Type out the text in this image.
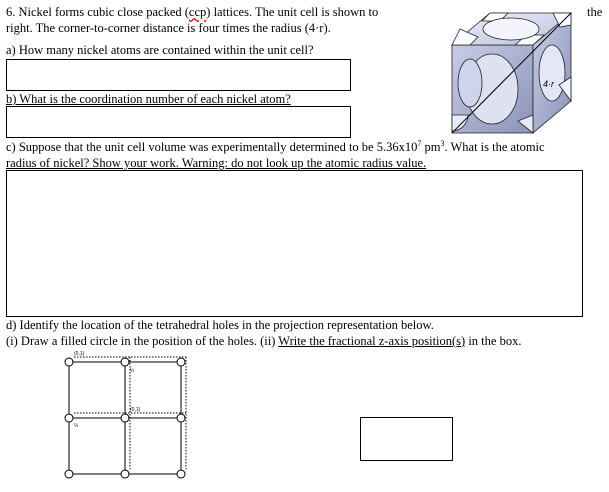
6. Nickel forms cubic close packed (ccp) lattices. The unit cell is shown to	the
right. The corner-to-corner distance is four times the radius (4·r).
a) How many nickel atoms are contained within the unit cell?
b) What is the coordination number of each nickel atom?
4·r
c) Suppose that the unit cell volume was experimentally determined to be $5.36x10^7$ $pm^3$. What is the atomic
radius of nickel? Show your work. Warning: do not look up the atomic radius value.
d) Identify the location of the tetrahedral holes in the projection representation below.
(i) Draw a filled circle in the position of the holes. (ii) Write the fractional z-axis position(s) in the box.
(0,1)
½
(0,1)
½
